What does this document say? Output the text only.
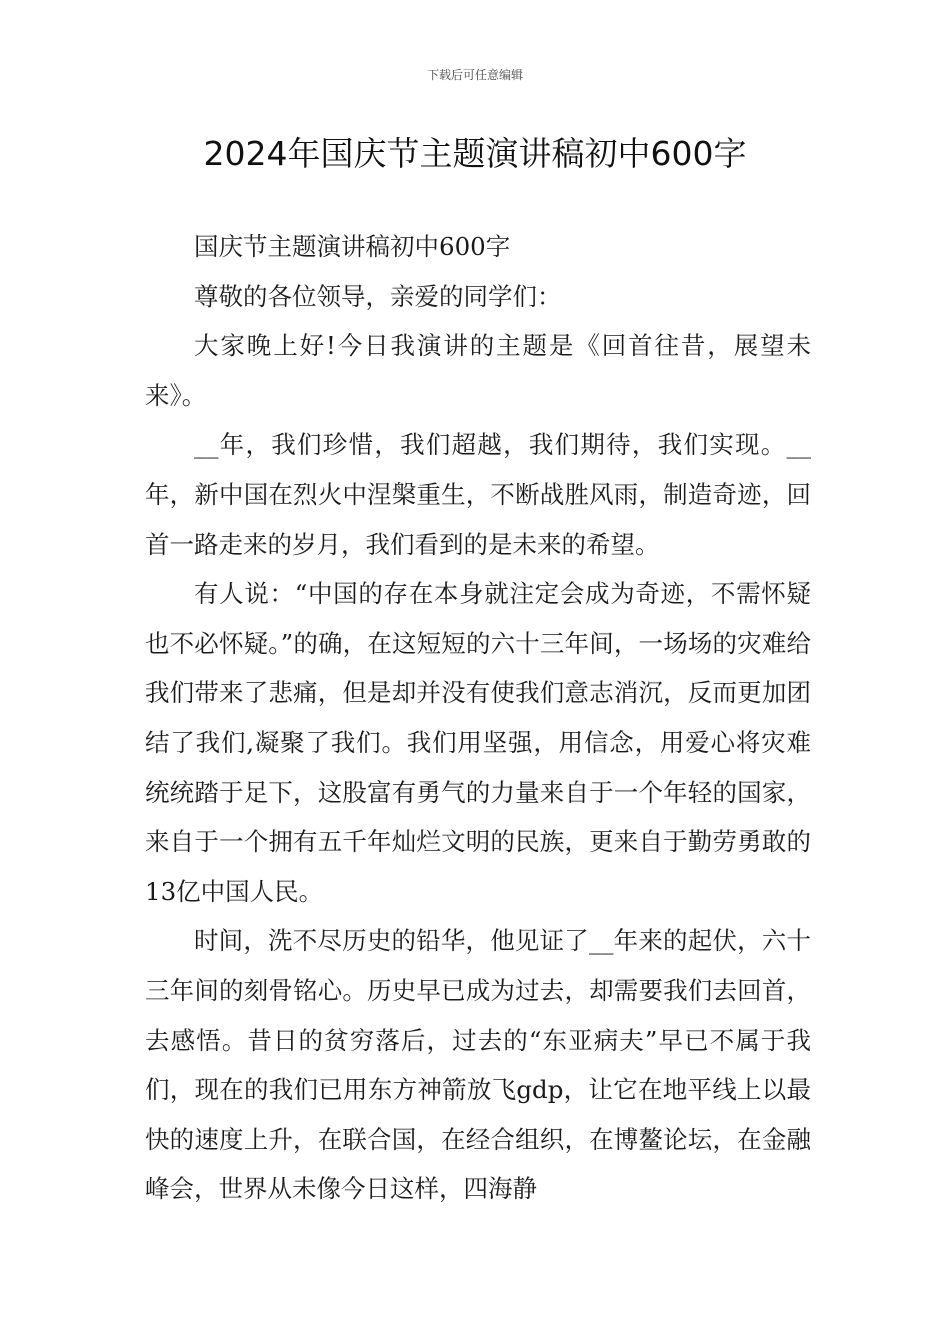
下载后可任意编辑
2024年国庆节主题演讲稿初中600字

国庆节主题演讲稿初中600字

尊敬的各位领导，亲爱的同学们：

大家晚上好!今日我演讲的主题是《回首往昔，展望未来》。

__年，我们珍惜，我们超越，我们期待，我们实现。__年，新中国在烈火中涅槃重生，不断战胜风雨，制造奇迹，回首一路走来的岁月，我们看到的是未来的希望。

有人说：“中国的存在本身就注定会成为奇迹，不需怀疑也不必怀疑。”的确，在这短短的六十三年间，一场场的灾难给我们带来了悲痛，但是却并没有使我们意志消沉，反而更加团结了我们,凝聚了我们。我们用坚强，用信念，用爱心将灾难统统踏于足下，这股富有勇气的力量来自于一个年轻的国家，来自于一个拥有五千年灿烂文明的民族，更来自于勤劳勇敢的13亿中国人民。

时间，洗不尽历史的铅华，他见证了__年来的起伏，六十三年间的刻骨铭心。历史早已成为过去，却需要我们去回首，去感悟。昔日的贫穷落后，过去的“东亚病夫”早已不属于我们，现在的我们已用东方神箭放飞gdp，让它在地平线上以最快的速度上升，在联合国，在经合组织，在博鳌论坛，在金融峰会，世界从未像今日这样，四海静
